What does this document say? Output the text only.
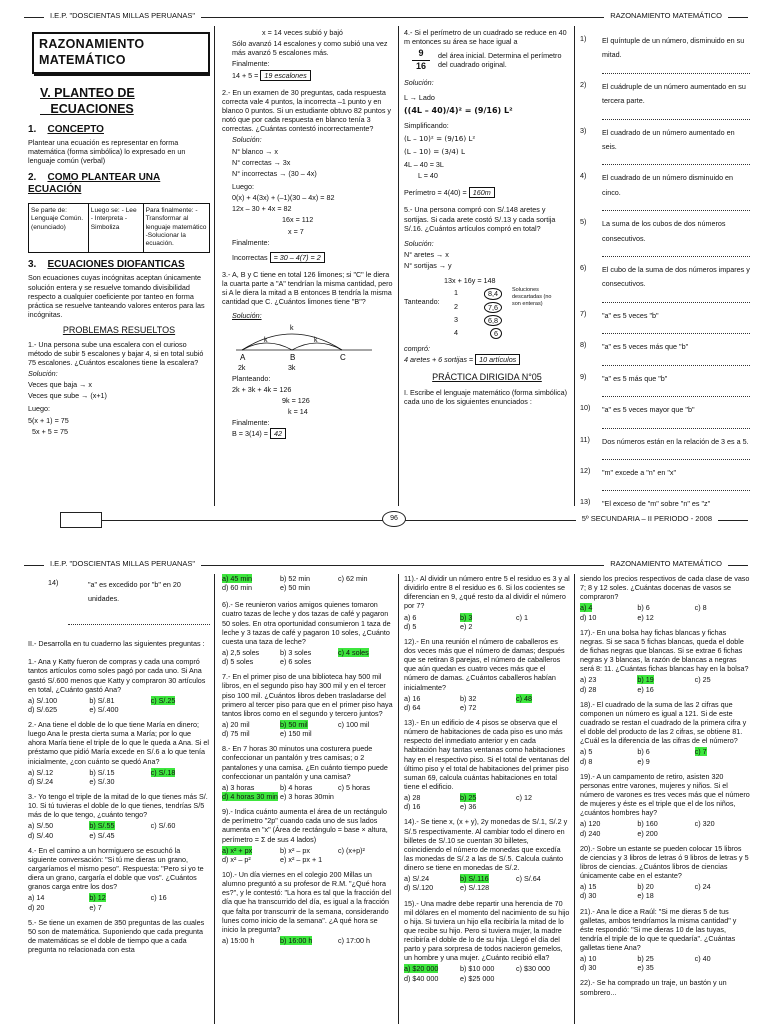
I.E.P. "DOSCIENTAS MILLAS PERUANAS"	RAZONAMIENTO MATEMÁTICO
RAZONAMIENTO MATEMÁTICO
V. PLANTEO DE
ECUACIONES
1. CONCEPTO

Plantear una ecuación es representar en forma matemática (forma simbólica) lo expresado en un lenguaje común (verbal)

2. COMO PLANTEAR UNA ECUACIÓN
Se parte de: Lenguaje Común. (enunciado)
Luego se: - Lee - Interpreta - Simboliza
Para finalmente: -Transformar al lenguaje matemático -Solucionar la ecuación.
3. ECUACIONES DIOFANTICAS

Son ecuaciones cuyas incógnitas aceptan únicamente solución entera y se resuelve tomando divisibilidad respecto a cualquier coeficiente por tanteo en forma práctica se resuelve tanteando valores enteros para las incógnitas.

PROBLEMAS RESUELTOS

1.- Una persona sube una escalera con el curioso método de subir 5 escalones y bajar 4, si en total subió 75 escalones. ¿Cuántos escalones tiene la escalera?

Solución:

Veces que baja → x

Veces que sube → (x+1)

Luego:

5(x + 1) = 75

5x + 5 = 75

x = 14 veces subió y bajó

Sólo avanzó 14 escalones y como subió una vez más avanzó 5 escalones más.

Finalmente:

14 + 5 = 19 escalones

2.- En un examen de 30 preguntas, cada respuesta correcta vale 4 puntos, la incorrecta –1 punto y en blanco 0 puntos. Si un estudiante obtuvo 82 puntos y notó que por cada respuesta en blanco tenía 3 correctas. ¿Cuántas contestó incorrectamente?

Solución:

N° blanco → x

N° correctas → 3x

N° incorrectas → (30 – 4x)

Luego:

0(x) + 4(3x) + (–1)(30 – 4x) = 82

12x – 30 + 4x = 82

16x = 112

x = 7

Finalmente:

Incorrectas = 30 – 4(7) = 2

3.- A, B y C tiene en total 126 limones; si "C" le diera la cuarta parte a "A" tendrían la misma cantidad, pero si A le diera la mitad a B entonces B tendría la misma cantidad que C. ¿Cuántos limones tiene "B"?

Solución:

k
k	k
A	B	C
2k	3k

Planteando:

2k + 3k + 4k = 126

9k = 126

k = 14

Finalmente:

B = 3(14) = 42

4.- Si el perímetro de un cuadrado se reduce en 40 m entonces su área se hace igual a

$\frac{9}{16}$ del área inicial. Determina el perímetro del cuadrado original.

Solución:

L → Lado

((4L – 40)/4)² = (9/16) L²

Simplificando:

(L – 10)² = (9/16) L²

(L – 10) = (3/4) L

4L – 40 = 3L

L = 40

Perímetro = 4(40) = 160m

5.- Una persona compró con S/.148 aretes y sortijas. Si cada arete costó S/.13 y cada sortija S/.16. ¿Cuántos artículos compró en total?

Solución:

N° aretes → x

N° sortijas → y

13x + 16y = 148

Tanteando:
1	8,4
2	7,6
3	6,8
4	6
Soluciones descartadas (no son enteras)

compró:

4 aretes + 6 sortijas = 10 artículos

PRÁCTICA DIRIGIDA N°05

I. Escribe el lenguaje matemático (forma simbólica) cada uno de los siguientes enunciados :

1)	El quíntuple de un número, disminuido en su mitad.
2)	El cuádruple de un número aumentado en su tercera parte.
3)	El cuadrado de un número aumentado en seis.
4)	El cuadrado de un número disminuido en cinco.
5)	La suma de los cubos de dos números consecutivos.
6)	El cubo de la suma de dos números impares y consecutivos.
7)	"a" es 5 veces "b"
8)	"a" es 5 veces más que "b"
9)	"a" es 5 más que "b"
10)	"a" es 5 veces mayor que "b"
11)	Dos números están en la relación de 3 es a 5.
12)	"m" excede a "n" en "x"
13)	"El exceso de "m" sobre "n" es "z"
96	5º SECUNDARIA – II PERIODO - 2008
I.E.P. "DOSCIENTAS MILLAS PERUANAS"	RAZONAMIENTO MATEMÁTICO
14)	"a" es excedido por "b" en 20 unidades.

II.- Desarrolla en tu cuaderno las siguientes preguntas :

1.- Ana y Katty fueron de compras y cada una compró tantos artículos como soles pagó por cada uno. Si Ana gastó S/.600 menos que Katty y compraron 30 artículos en total, ¿Cuánto gastó Ana?

a) S/.100	b) S/.81	c) S/.25
d) S/.625	e) S/.400

2.- Ana tiene el doble de lo que tiene María en dinero; luego Ana le presta cierta suma a María; por lo que ahora María tiene el triple de lo que le queda a Ana. Si el préstamo que pidió María excede en S/.6 a lo que tenía inicialmente, ¿con cuánto se quedó Ana?

a) S/.12	b) S/.15	c) S/.18
d) S/.24	e) S/.30

3.- Yo tengo el triple de la mitad de lo que tienes más S/. 10. Si tú tuvieras el doble de lo que tienes, tendrías S/5 más de lo que tengo, ¿cuánto tengo?

a) S/.50	b) S/.55	c) S/.60
d) S/.40	e) S/.45

4.- En el camino a un hormiguero se escuchó la siguiente conversación: "Si tú me dieras un grano, cargaríamos el mismo peso". Respuesta: "Pero si yo te diera un grano, cargaría el doble que vos". ¿Cuántos granos carga entre los dos?

a) 14	b) 12	c) 16
d) 20	e) 7

5.- Se tiene un examen de 350 preguntas de las cuales 50 son de matemática. Suponiendo que cada pregunta de matemáticas se el doble de tiempo que a cada pregunta no relacionada con esta

a) 45 min	b) 52 min	c) 62 min
d) 60 min	e) 50 min

6).- Se reunieron varios amigos quienes tomaron cuatro tazas de leche y dos tazas de café y pagaron 50 soles. En otra oportunidad consumieron 1 taza de leche y 3 tazas de café y pagaron 10 soles, ¿Cuánto cuesta una taza de leche?

a) 2,5 soles	b) 3 soles	c) 4 soles
d) 5 soles	e) 6 soles

7.- En el primer piso de una biblioteca hay 500 mil libros, en el segundo piso hay 300 mil y en el tercer piso 100 mil. ¿Cuántos libros deben trasladarse del primero al tercer piso para que en el primer piso haya tantos libros como en el segundo y tercero juntos?

a) 20 mil	b) 50 mil	c) 100 mil
d) 75 mil	e) 150 mil

8.- En 7 horas 30 minutos una costurera puede confeccionar un pantalón y tres camisas; o 2 pantalones y una camisa. ¿En cuánto tiempo puede confeccionar un pantalón y una camisa?

a) 3 horas	b) 4 horas	c) 5 horas
d) 4 horas 30 min e) 3 horas 30min

9).- Indica cuánto aumenta el área de un rectángulo de perímetro "2p" cuando cada uno de sus lados aumenta en "x" (Área de rectángulo = base × altura, perímetro = Σ de sus 4 lados)

a) x² + px	b) x² – px	c) (x+p)²
d) x² – p²	e) x² – px + 1

10).- Un día viernes en el colegio 200 Millas un alumno preguntó a su profesor de R.M. "¿Qué hora es?", y le contestó: "La hora es tal que la fracción del día que ha transcurrido del día, es igual a la fracción que falta por transcurrir de la semana, considerando lunes como inicio de la semana". ¿A qué hora se inicio la pregunta?

a) 15:00 h	b) 16:00 h	c) 17:00 h

11).- Al dividir un número entre 5 el residuo es 3 y al dividirlo entre 8 el residuo es 6. Si los cocientes se diferencian en 9, ¿qué resto da al dividir el número por 7?

a) 6	b) 3	c) 1
d) 5	e) 2

12).- En una reunión el número de caballeros es dos veces más que el número de damas; después que se retiran 8 parejas, el número de caballeros que aún quedan es cuatro veces más que el número de damas. ¿Cuántos caballeros habían inicialmente?

a) 16	b) 32	c) 48
d) 64	e) 72

13).- En un edificio de 4 pisos se observa que el número de habitaciones de cada piso es uno más respecto del inmediato anterior y en cada habitación hay tantas ventanas como habitaciones hay en el respectivo piso. Si el total de ventanas del último piso y el total de habitaciones del primer piso suman 69, calcula cuántas habitaciones en total tiene el edificio.

a) 28	b) 25	c) 12
d) 16	e) 36

14).- Se tiene x, (x + y), 2y monedas de S/.1, S/.2 y S/.5 respectivamente. Al cambiar todo el dinero en billetes de S/.10 se cuentan 30 billetes, coincidiendo el número de monedas que excedía las monedas de S/.2 a las de S/.5. Calcula cuánto dinero se tiene en monedas de S/.2.

a) S/.24	b) S/.116	c) S/.64
d) S/.120	e) S/.128

15).- Una madre debe repartir una herencia de 70 mil dólares en el momento del nacimiento de su hijo o hija. Si tuviera un hijo ella recibiría la mitad de lo que recibe su hijo. Pero si tuviera mujer, la madre recibiría el doble de lo de su hija. Llegó el día del parto y para sorpresa de todos nacieron gemelos, un hombre y una mujer. ¿Cuánto recibió ella?

a) $20 000	b) $10 000	c) $30 000
d) $40 000	e) $25 000

siendo los precios respectivos de cada clase de vaso 7; 8 y 12 soles. ¿Cuántas docenas de vasos se compraron?

a) 4	b) 6	c) 8
d) 10	e) 12

17).- En una bolsa hay fichas blancas y fichas negras. Si se saca 5 fichas blancas, queda el doble de fichas negras que blancas. Si se extrae 6 fichas negras y 3 blancas, la razón de blancas a negras será 8: 11. ¿Cuántas fichas blancas hay en la bolsa?

a) 23	b) 19	c) 25
d) 28	e) 16

18).- El cuadrado de la suma de las 2 cifras que componen un número es igual a 121. Si de este cuadrado se restan el cuadrado de la primera cifra y el doble del producto de las 2 cifras, se obtiene 81. ¿Cuál es la diferencia de las cifras de el número?

a) 5	b) 6	c) 7
d) 8	e) 9

19).- A un campamento de retiro, asisten 320 personas entre varones, mujeres y niños. Si el número de varones es tres veces más que el número de mujeres y éste es el triple que el de los niños, ¿cuántos hombres hay?

a) 120	b) 160	c) 320
d) 240	e) 200

20).- Sobre un estante se pueden colocar 15 libros de ciencias y 3 libros de letras ó 9 libros de letras y 5 libros de ciencias. ¿Cuántos libros de ciencias únicamente cabe en el estante?

a) 15	b) 20	c) 24
d) 30	e) 18

21).- Ana le dice a Raúl: "Si me dieras 5 de tus galletas, ambos tendríamos la misma cantidad" y éste respondió: "Si me dieras 10 de las tuyas, tendría el triple de lo que te quedaría". ¿Cuántas galletas tiene Ana?

a) 10	b) 25	c) 40
d) 30	e) 35

22).- Se ha comprado un traje, un bastón y un sombrero...
